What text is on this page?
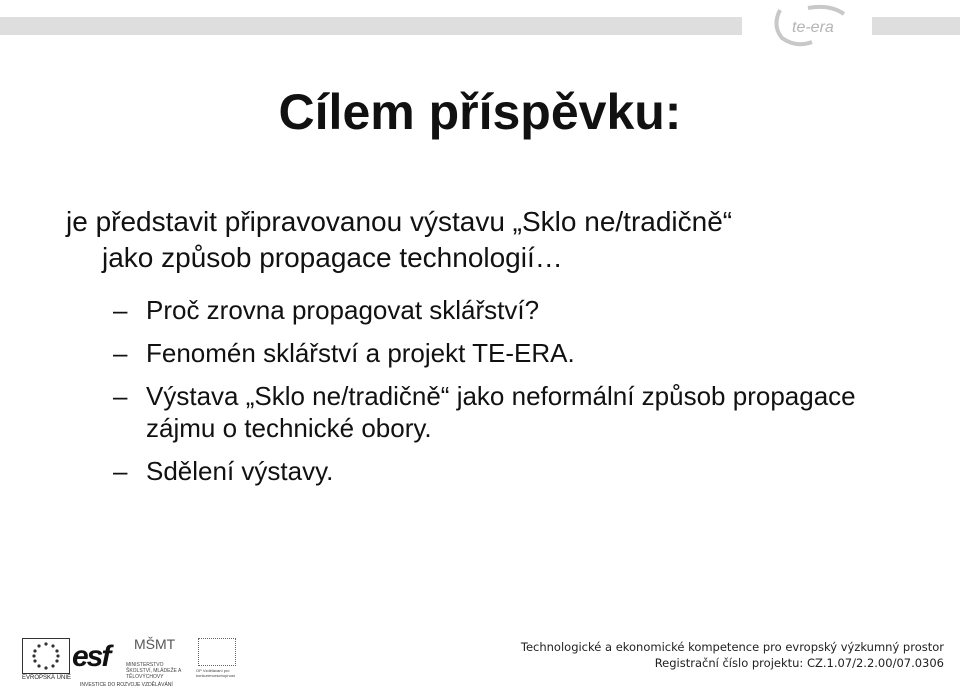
te-era
Cílem příspěvku:
je představit připravovanou výstavu „Sklo ne/tradičně“ jako způsob propagace technologií…
– Proč zrovna propagovat sklářství?
– Fenomén sklářství a projekt TE-ERA.
– Výstava „Sklo ne/tradičně“ jako neformální způsob propagace zájmu o technické obory.
– Sdělení výstavy.
EVROPSKÁ UNIE
esf MŠMT
MINISTERSTVO ŠKOLSTVÍ, MLÁDEŽE A TĚLOVÝCHOVY
OP Vzdělávání pro konkurenceschopnost
INVESTICE DO ROZVOJE VZDĚLÁVÁNÍ
Technologické a ekonomické kompetence pro evropský výzkumný prostor
Registrační číslo projektu: CZ.1.07/2.2.00/07.0306
